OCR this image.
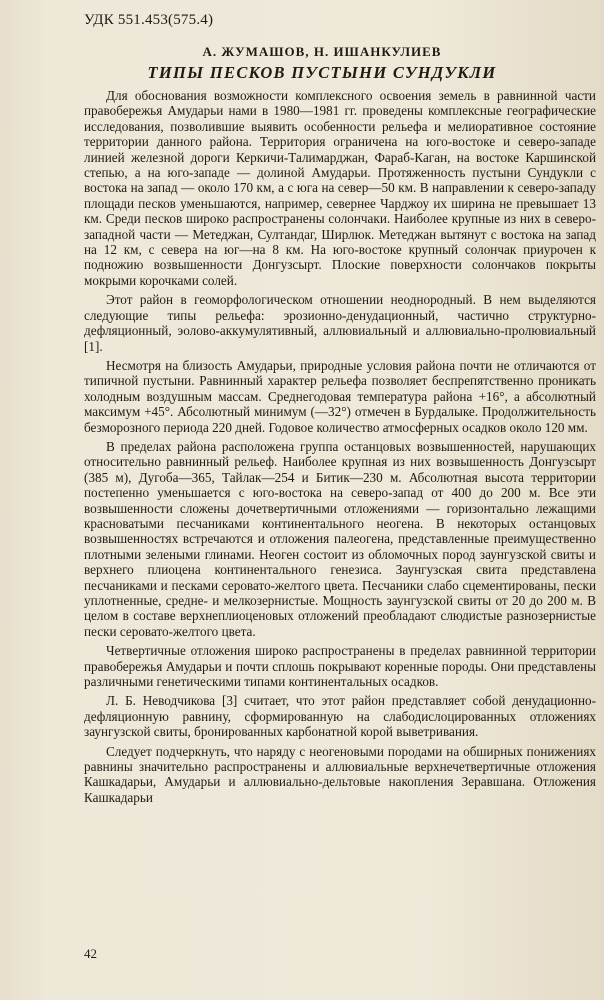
УДК 551.453(575.4)
А. ЖУМАШОВ, Н. ИШАНКУЛИЕВ
ТИПЫ ПЕСКОВ ПУСТЫНИ СУНДУКЛИ

Для обоснования возможности комплексного освоения земель в равнинной части правобережья Амударьи нами в 1980—1981 гг. проведены комплексные географические исследования, позволившие выявить особенности рельефа и мелиоративное состояние территории данного района. Территория ограничена на юго-востоке и северо-западе линией железной дороги Керкичи-Талимарджан, Фараб-Каган, на востоке Каршинской степью, а на юго-западе — долиной Амударьи. Протяженность пустыни Сундукли с востока на запад — около 170 км, а с юга на север—50 км. В направлении к северо-западу площади песков уменьшаются, например, севернее Чарджоу их ширина не превышает 13 км. Среди песков широко распространены солончаки. Наиболее крупные из них в северо-западной части — Метеджан, Султандаг, Ширлюк. Метеджан вытянут с востока на запад на 12 км, с севера на юг—на 8 км. На юго-востоке крупный солончак приурочен к подножию возвышенности Донгузсырт. Плоские поверхности солончаков покрыты мокрыми корочками солей.

Этот район в геоморфологическом отношении неоднородный. В нем выделяются следующие типы рельефа: эрозионно-денудационный, частично структурно-дефляционный, эолово-аккумулятивный, аллювиальный и аллювиально-пролювиальный [1].

Несмотря на близость Амударьи, природные условия района почти не отличаются от типичной пустыни. Равнинный характер рельефа позволяет беспрепятственно проникать холодным воздушным массам. Среднегодовая температура района +16°, а абсолютный максимум +45°. Абсолютный минимум (—32°) отмечен в Бурдалыке. Продолжительность безморозного периода 220 дней. Годовое количество атмосферных осадков около 120 мм.

В пределах района расположена группа останцовых возвышенностей, нарушающих относительно равнинный рельеф. Наиболее крупная из них возвышенность Донгузсырт (385 м), Дугоба—365, Тайлак—254 и Битик—230 м. Абсолютная высота территории постепенно уменьшается с юго-востока на северо-запад от 400 до 200 м. Все эти возвышенности сложены дочетвертичными отложениями — горизонтально лежащими красноватыми песчаниками континентального неогена. В некоторых останцовых возвышенностях встречаются и отложения палеогена, представленные преимущественно плотными зелеными глинами. Неоген состоит из обломочных пород заунгузской свиты и верхнего плиоцена континентального генезиса. Заунгузская свита представлена песчаниками и песками серовато-желтого цвета. Песчаники слабо сцементированы, пески уплотненные, средне- и мелкозернистые. Мощность заунгузской свиты от 20 до 200 м. В целом в составе верхнеплиоценовых отложений преобладают слюдистые разнозернистые пески серовато-желтого цвета.

Четвертичные отложения широко распространены в пределах равнинной территории правобережья Амударьи и почти сплошь покрывают коренные породы. Они представлены различными генетическими типами континентальных осадков.

Л. Б. Неводчикова [3] считает, что этот район представляет собой денудационно-дефляционную равнину, сформированную на слабодислоцированных отложениях заунгузской свиты, бронированных карбонатной корой выветривания.

Следует подчеркнуть, что наряду с неогеновыми породами на обширных понижениях равнины значительно распространены и аллювиальные верхнечетвертичные отложения Кашкадарьи, Амударьи и аллювиально-дельтовые накопления Зеравшана. Отложения Кашкадарьи

42
